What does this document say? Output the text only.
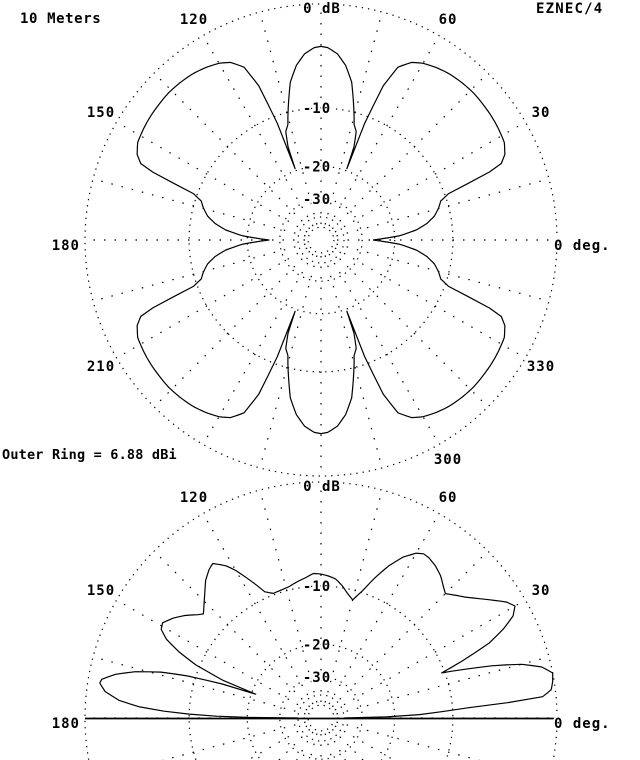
-10
-20
-30
0 dB
0 deg.
30
60
120
150
180
210
300
330
-10
-20
-30
0 dB
0 deg.
30
60
120
150
180
10 Meters
EZNEC/4
Outer Ring = 6.88 dBi
